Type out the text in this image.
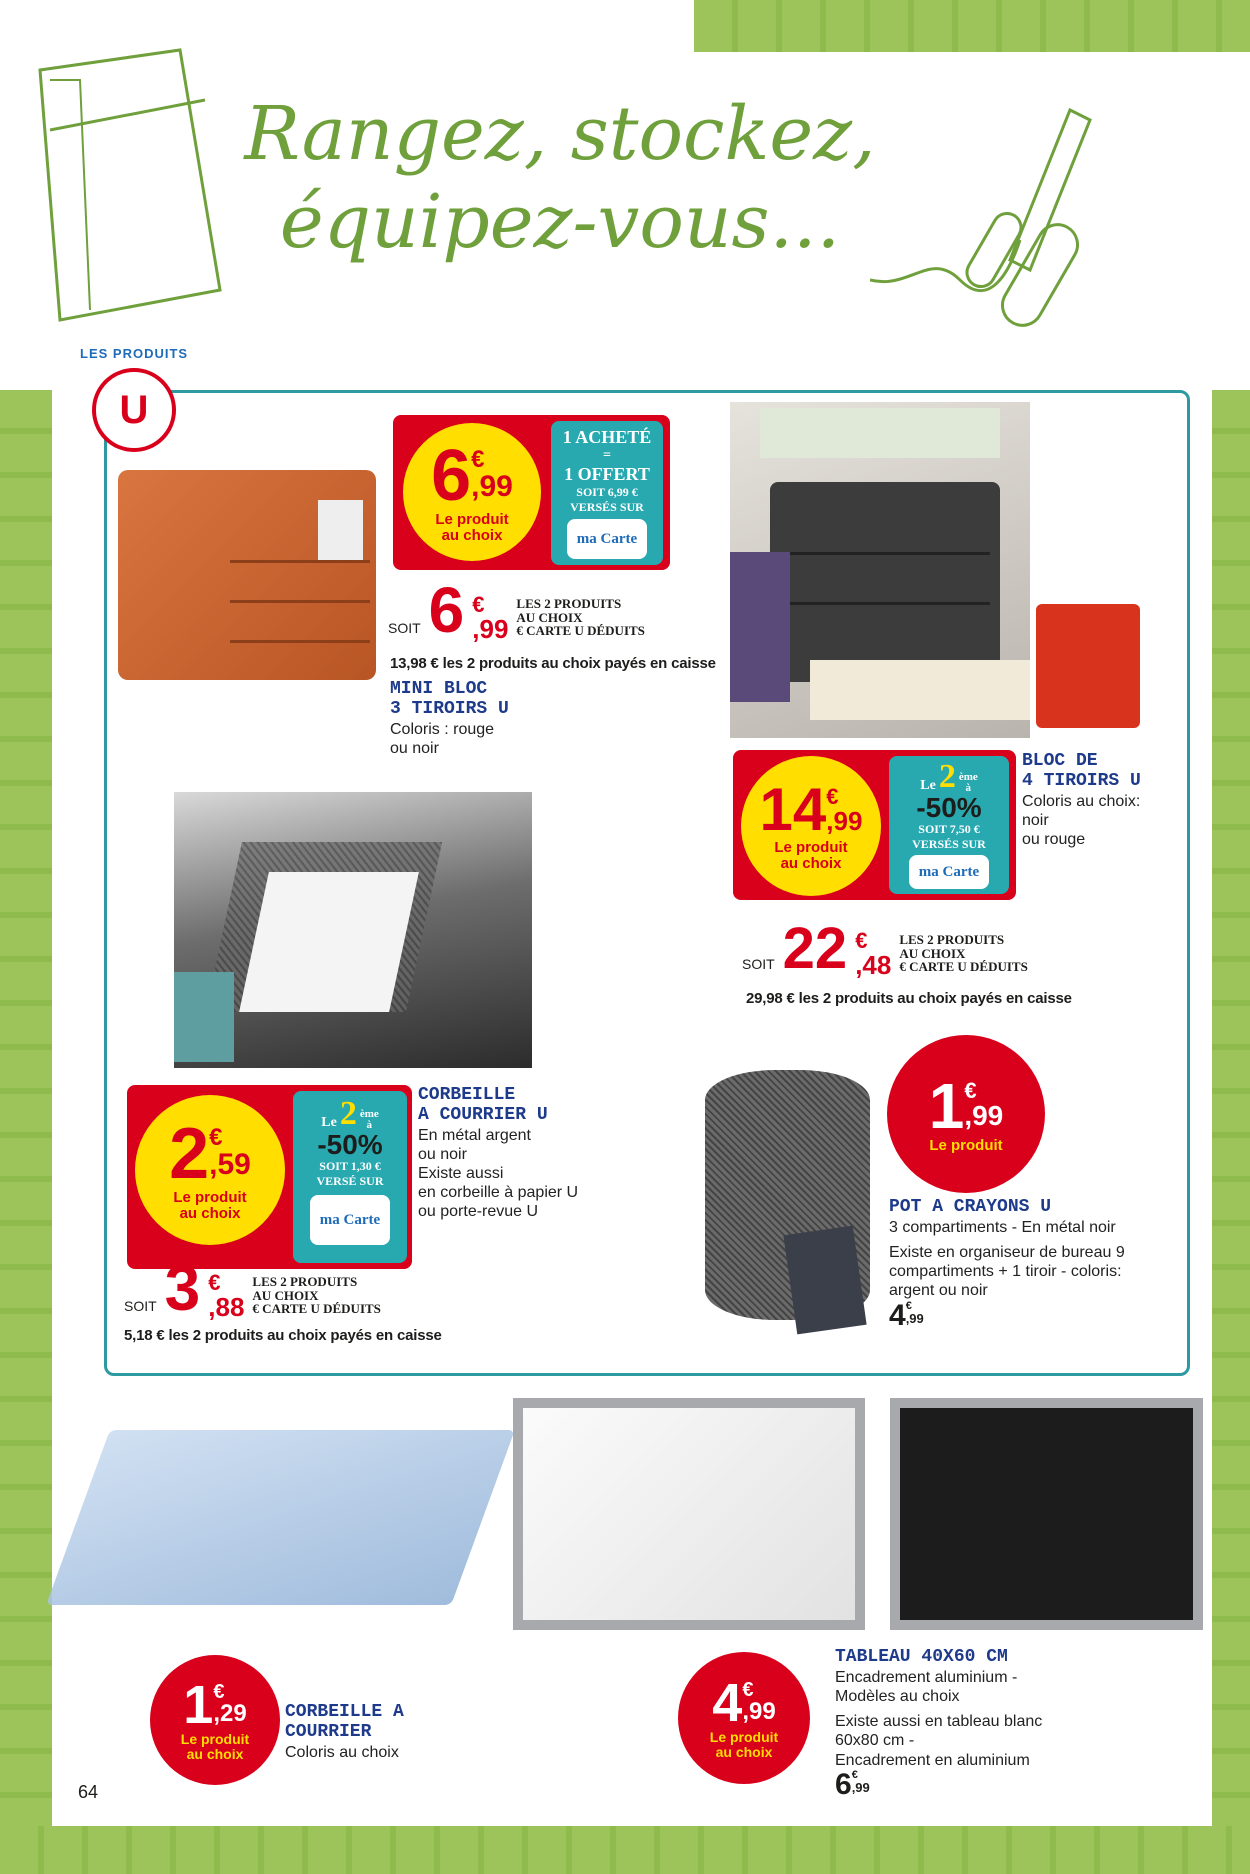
Rangez, stockez,
équipez-vous...
LES PRODUITS
U
6 €
,99
Le produit au choix
1 ACHETÉ
=
1 OFFERT
SOIT 6,99 €
VERSÉS SUR
ma Carte
SOIT 6 €
,99
LES 2 PRODUITS
AU CHOIX
€ CARTE U DÉDUITS
13,98 € les 2 produits au choix payés en caisse
MINI BLOC
3 TIROIRS U
Coloris : rouge
ou noir
14 €
,99
Le produit au choix
Le 2 ème
à
-50%
SOIT 7,50 €
VERSÉS SUR
ma Carte
BLOC DE
4 TIROIRS U
Coloris au choix:
noir
ou rouge
SOIT 22 €
,48
LES 2 PRODUITS
AU CHOIX
€ CARTE U DÉDUITS
29,98 € les 2 produits au choix payés en caisse
2 €
,59
Le produit au choix
Le 2 ème
à
-50%
SOIT 1,30 €
VERSÉ SUR
ma Carte
CORBEILLE
A COURRIER U
En métal argent
ou noir
Existe aussi
en corbeille à papier U
ou porte-revue U
SOIT 3 €
,88
LES 2 PRODUITS
AU CHOIX
€ CARTE U DÉDUITS
5,18 € les 2 produits au choix payés en caisse
1 €
,99
Le produit
POT A CRAYONS U
3 compartiments - En métal noir
Existe en organiseur de bureau 9
compartiments + 1 tiroir - coloris:
argent ou noir
4 €
,99
1 €
,29
Le produit au choix
CORBEILLE A
COURRIER
Coloris au choix
4 €
,99
Le produit au choix
TABLEAU 40X60 CM
Encadrement aluminium -
Modèles au choix
Existe aussi en tableau blanc
60x80 cm -
Encadrement en aluminium
6 €
,99
64
